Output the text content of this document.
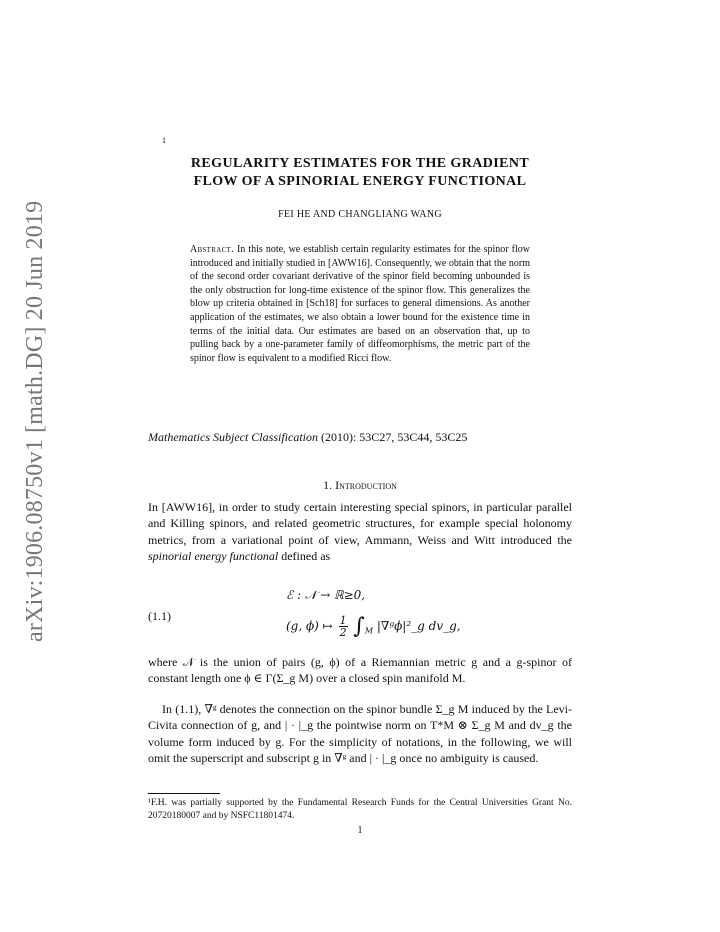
arXiv:1906.08750v1 [math.DG] 20 Jun 2019
1
REGULARITY ESTIMATES FOR THE GRADIENT
FLOW OF A SPINORIAL ENERGY FUNCTIONAL
FEI HE AND CHANGLIANG WANG
Abstract. In this note, we establish certain regularity estimates for the spinor flow introduced and initially studied in [AWW16]. Consequently, we obtain that the norm of the second order covariant derivative of the spinor field becoming unbounded is the only obstruction for long-time existence of the spinor flow. This generalizes the blow up criteria obtained in [Sch18] for surfaces to general dimensions. As another application of the estimates, we also obtain a lower bound for the existence time in terms of the initial data. Our estimates are based on an observation that, up to pulling back by a one-parameter family of diffeomorphisms, the metric part of the spinor flow is equivalent to a modified Ricci flow.
Mathematics Subject Classification (2010): 53C27, 53C44, 53C25
1. Introduction
In [AWW16], in order to study certain interesting special spinors, in particular parallel and Killing spinors, and related geometric structures, for example special holonomy metrics, from a variational point of view, Ammann, Weiss and Witt introduced the spinorial energy functional defined as
(1.1)
ℰ : 𝒩 → ℝ≥0,
(g, ϕ) ↦ $\frac{1}{2} \int_M$ |∇ᵍϕ|²_g dv_g,
where 𝒩 is the union of pairs (g, ϕ) of a Riemannian metric g and a g-spinor of constant length one ϕ ∈ Γ(Σ_g M) over a closed spin manifold M.
In (1.1), ∇ᵍ denotes the connection on the spinor bundle Σ_g M induced by the Levi-Civita connection of g, and | · |_g the pointwise norm on T*M ⊗ Σ_g M and dv_g the volume form induced by g. For the simplicity of notations, in the following, we will omit the superscript and subscript g in ∇ᵍ and | · |_g once no ambiguity is caused.
¹F.H. was partially supported by the Fundamental Research Funds for the Central Universities Grant No. 20720180007 and by NSFC11801474.
1
